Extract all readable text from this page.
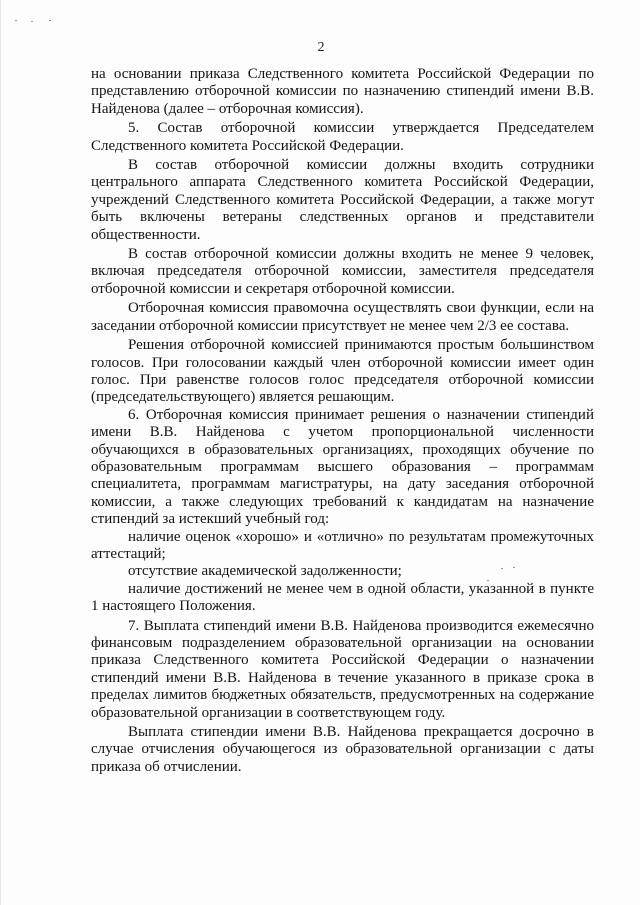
2

на основании приказа Следственного комитета Российской Федерации по представлению отборочной комиссии по назначению стипендий имени В.В. Найденова (далее – отборочная комиссия).

5. Состав отборочной комиссии утверждается Председателем Следственного комитета Российской Федерации.

В состав отборочной комиссии должны входить сотрудники центрального аппарата Следственного комитета Российской Федерации, учреждений Следственного комитета Российской Федерации, а также могут быть включены ветераны следственных органов и представители общественности.

В состав отборочной комиссии должны входить не менее 9 человек, включая председателя отборочной комиссии, заместителя председателя отборочной комиссии и секретаря отборочной комиссии.

Отборочная комиссия правомочна осуществлять свои функции, если на заседании отборочной комиссии присутствует не менее чем 2/3 ее состава.

Решения отборочной комиссией принимаются простым большинством голосов. При голосовании каждый член отборочной комиссии имеет один голос. При равенстве голосов голос председателя отборочной комиссии (председательствующего) является решающим.

6. Отборочная комиссия принимает решения о назначении стипендий имени В.В. Найденова с учетом пропорциональной численности обучающихся в образовательных организациях, проходящих обучение по образовательным программам высшего образования – программам специалитета, программам магистратуры, на дату заседания отборочной комиссии, а также следующих требований к кандидатам на назначение стипендий за истекший учебный год:

наличие оценок «хорошо» и «отлично» по результатам промежуточных аттестаций;

отсутствие академической задолженности;

наличие достижений не менее чем в одной области, указанной в пункте 1 настоящего Положения.

7. Выплата стипендий имени В.В. Найденова производится ежемесячно финансовым подразделением образовательной организации на основании приказа Следственного комитета Российской Федерации о назначении стипендий имени В.В. Найденова в течение указанного в приказе срока в пределах лимитов бюджетных обязательств, предусмотренных на содержание образовательной организации в соответствующем году.

Выплата стипендии имени В.В. Найденова прекращается досрочно в случае отчисления обучающегося из образовательной организации с даты приказа об отчислении.
